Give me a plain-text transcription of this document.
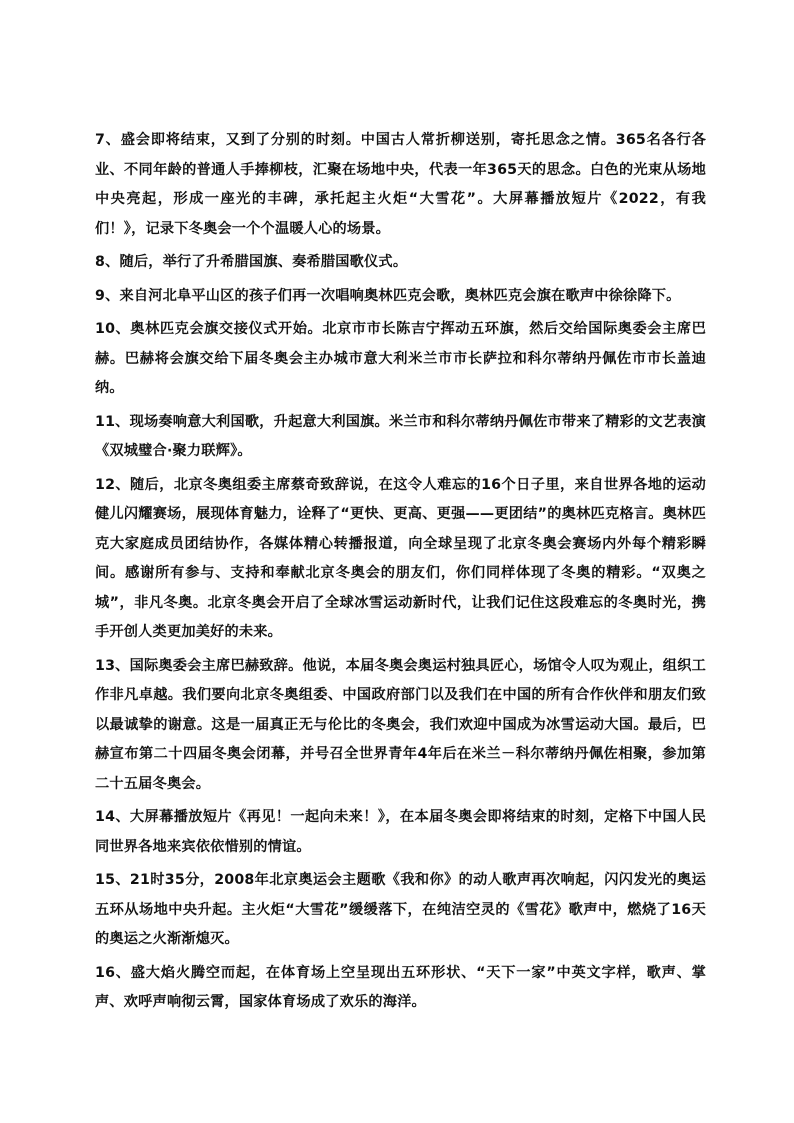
7、盛会即将结束，又到了分别的时刻。中国古人常折柳送别，寄托思念之情。365名各行各业、不同年龄的普通人手捧柳枝，汇聚在场地中央，代表一年365天的思念。白色的光束从场地中央亮起，形成一座光的丰碑，承托起主火炬“大雪花”。大屏幕播放短片《2022，有我们！》，记录下冬奥会一个个温暖人心的场景。

8、随后，举行了升希腊国旗、奏希腊国歌仪式。

9、来自河北阜平山区的孩子们再一次唱响奥林匹克会歌，奥林匹克会旗在歌声中徐徐降下。

10、奥林匹克会旗交接仪式开始。北京市市长陈吉宁挥动五环旗，然后交给国际奥委会主席巴赫。巴赫将会旗交给下届冬奥会主办城市意大利米兰市市长萨拉和科尔蒂纳丹佩佐市市长盖迪纳。

11、现场奏响意大利国歌，升起意大利国旗。米兰市和科尔蒂纳丹佩佐市带来了精彩的文艺表演《双城璧合·聚力联辉》。

12、随后，北京冬奥组委主席蔡奇致辞说，在这令人难忘的16个日子里，来自世界各地的运动健儿闪耀赛场，展现体育魅力，诠释了“更快、更高、更强——更团结”的奥林匹克格言。奥林匹克大家庭成员团结协作，各媒体精心转播报道，向全球呈现了北京冬奥会赛场内外每个精彩瞬间。感谢所有参与、支持和奉献北京冬奥会的朋友们，你们同样体现了冬奥的精彩。“双奥之城”，非凡冬奥。北京冬奥会开启了全球冰雪运动新时代，让我们记住这段难忘的冬奥时光，携手开创人类更加美好的未来。

13、国际奥委会主席巴赫致辞。他说，本届冬奥会奥运村独具匠心，场馆令人叹为观止，组织工作非凡卓越。我们要向北京冬奥组委、中国政府部门以及我们在中国的所有合作伙伴和朋友们致以最诚挚的谢意。这是一届真正无与伦比的冬奥会，我们欢迎中国成为冰雪运动大国。最后，巴赫宣布第二十四届冬奥会闭幕，并号召全世界青年4年后在米兰－科尔蒂纳丹佩佐相聚，参加第二十五届冬奥会。

14、大屏幕播放短片《再见！一起向未来！》，在本届冬奥会即将结束的时刻，定格下中国人民同世界各地来宾依依惜别的情谊。

15、21时35分，2008年北京奥运会主题歌《我和你》的动人歌声再次响起，闪闪发光的奥运五环从场地中央升起。主火炬“大雪花”缓缓落下，在纯洁空灵的《雪花》歌声中，燃烧了16天的奥运之火渐渐熄灭。

16、盛大焰火腾空而起，在体育场上空呈现出五环形状、“天下一家”中英文字样，歌声、掌声、欢呼声响彻云霄，国家体育场成了欢乐的海洋。
